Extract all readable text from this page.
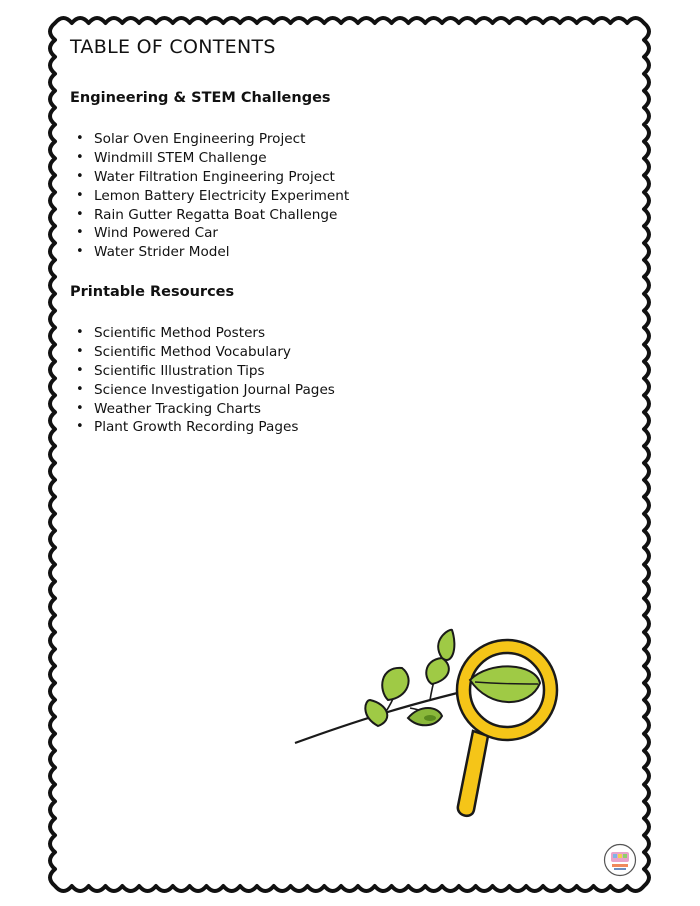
TABLE OF CONTENTS
Engineering & STEM Challenges
• Solar Oven Engineering Project
• Windmill STEM Challenge
• Water Filtration Engineering Project
• Lemon Battery Electricity Experiment
• Rain Gutter Regatta Boat Challenge
• Wind Powered Car
• Water Strider Model
Printable Resources
• Scientific Method Posters
• Scientific Method Vocabulary
• Scientific Illustration Tips
• Science Investigation Journal Pages
• Weather Tracking Charts
• Plant Growth Recording Pages
